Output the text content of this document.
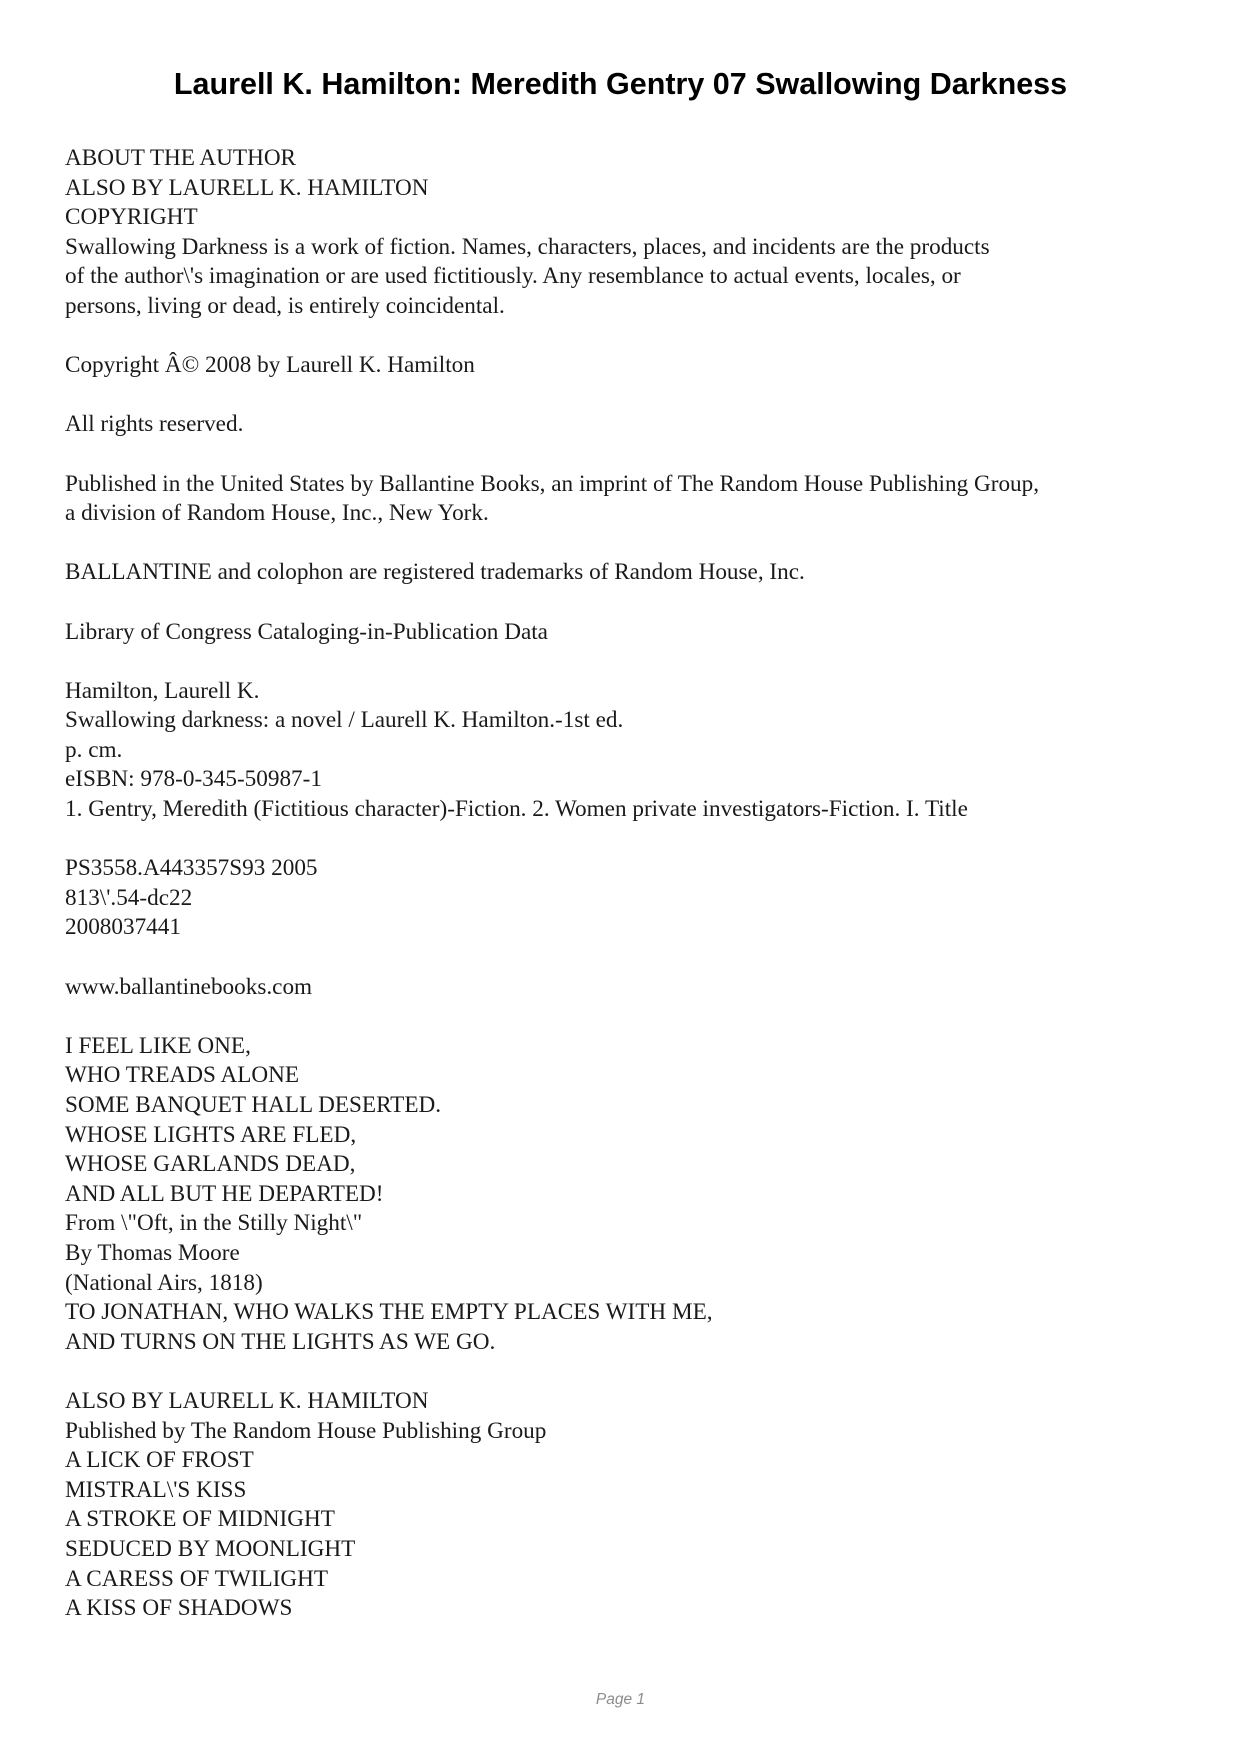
Laurell K. Hamilton: Meredith Gentry 07 Swallowing Darkness
ABOUT THE AUTHOR
ALSO BY LAURELL K. HAMILTON
COPYRIGHT
Swallowing Darkness is a work of fiction. Names, characters, places, and incidents are the products
of the author\'s imagination or are used fictitiously. Any resemblance to actual events, locales, or
persons, living or dead, is entirely coincidental.
Copyright Â© 2008 by Laurell K. Hamilton
All rights reserved.
Published in the United States by Ballantine Books, an imprint of The Random House Publishing Group,
a division of Random House, Inc., New York.
BALLANTINE and colophon are registered trademarks of Random House, Inc.
Library of Congress Cataloging-in-Publication Data
Hamilton, Laurell K.
Swallowing darkness: a novel / Laurell K. Hamilton.-1st ed.
p. cm.
eISBN: 978-0-345-50987-1
1. Gentry, Meredith (Fictitious character)-Fiction. 2. Women private investigators-Fiction. I. Title
PS3558.A443357S93 2005
813\'.54-dc22
2008037441
www.ballantinebooks.com
I FEEL LIKE ONE,
WHO TREADS ALONE
SOME BANQUET HALL DESERTED.
WHOSE LIGHTS ARE FLED,
WHOSE GARLANDS DEAD,
AND ALL BUT HE DEPARTED!
From \"Oft, in the Stilly Night\"
By Thomas Moore
(National Airs, 1818)
TO JONATHAN, WHO WALKS THE EMPTY PLACES WITH ME,
AND TURNS ON THE LIGHTS AS WE GO.
ALSO BY LAURELL K. HAMILTON
Published by The Random House Publishing Group
A LICK OF FROST
MISTRAL\'S KISS
A STROKE OF MIDNIGHT
SEDUCED BY MOONLIGHT
A CARESS OF TWILIGHT
A KISS OF SHADOWS
Page 1
